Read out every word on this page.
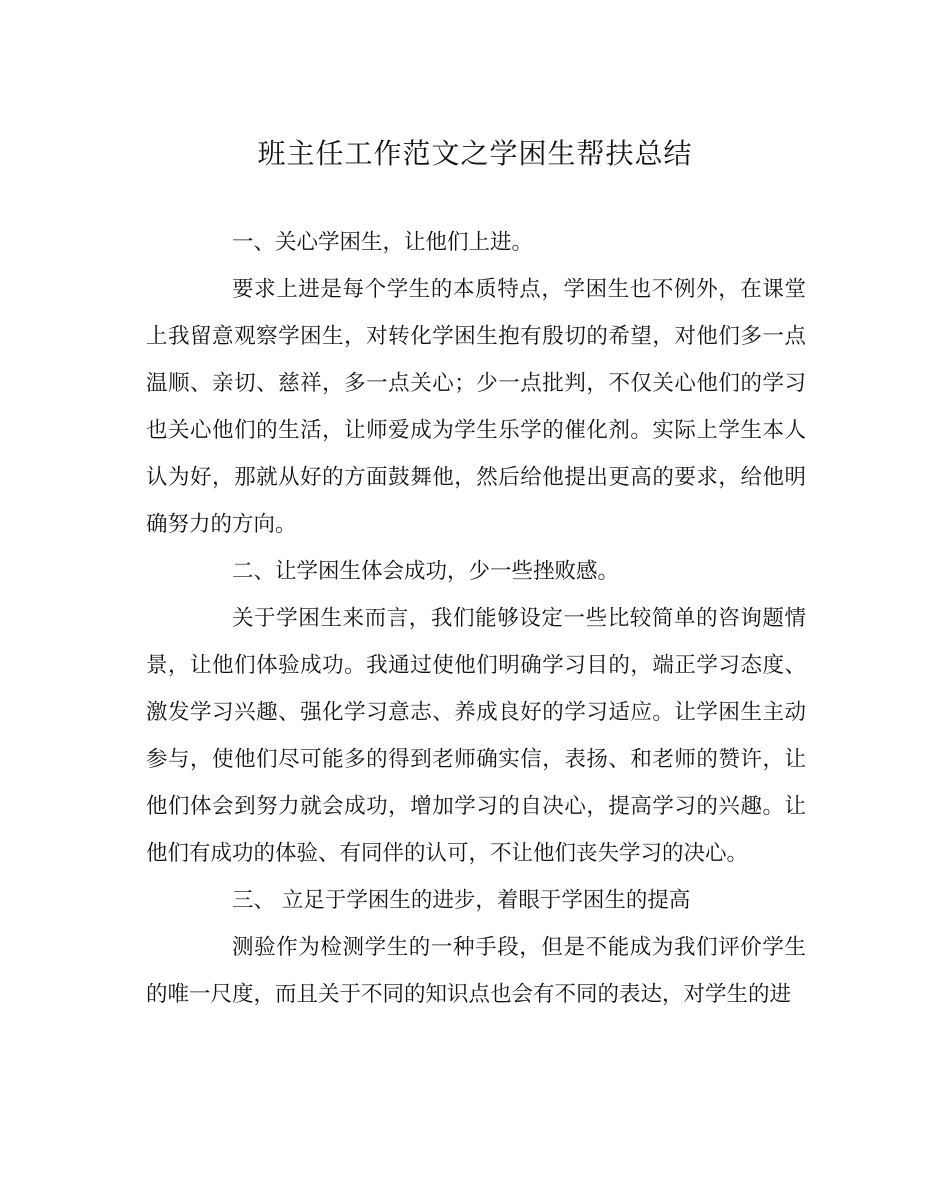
班主任工作范文之学困生帮扶总结

一、关心学困生，让他们上进。

要求上进是每个学生的本质特点，学困生也不例外，在课堂上我留意观察学困生，对转化学困生抱有殷切的希望，对他们多一点温顺、亲切、慈祥，多一点关心；少一点批判，不仅关心他们的学习也关心他们的生活，让师爱成为学生乐学的催化剂。实际上学生本人认为好，那就从好的方面鼓舞他，然后给他提出更高的要求，给他明确努力的方向。

二、让学困生体会成功，少一些挫败感。

关于学困生来而言，我们能够设定一些比较简单的咨询题情景，让他们体验成功。我通过使他们明确学习目的，端正学习态度、激发学习兴趣、强化学习意志、养成良好的学习适应。让学困生主动参与，使他们尽可能多的得到老师确实信，表扬、和老师的赞许，让他们体会到努力就会成功，增加学习的自决心，提高学习的兴趣。让他们有成功的体验、有同伴的认可，不让他们丧失学习的决心。

三、 立足于学困生的进步，着眼于学困生的提高

测验作为检测学生的一种手段，但是不能成为我们评价学生的唯一尺度，而且关于不同的知识点也会有不同的表达，对学生的进
